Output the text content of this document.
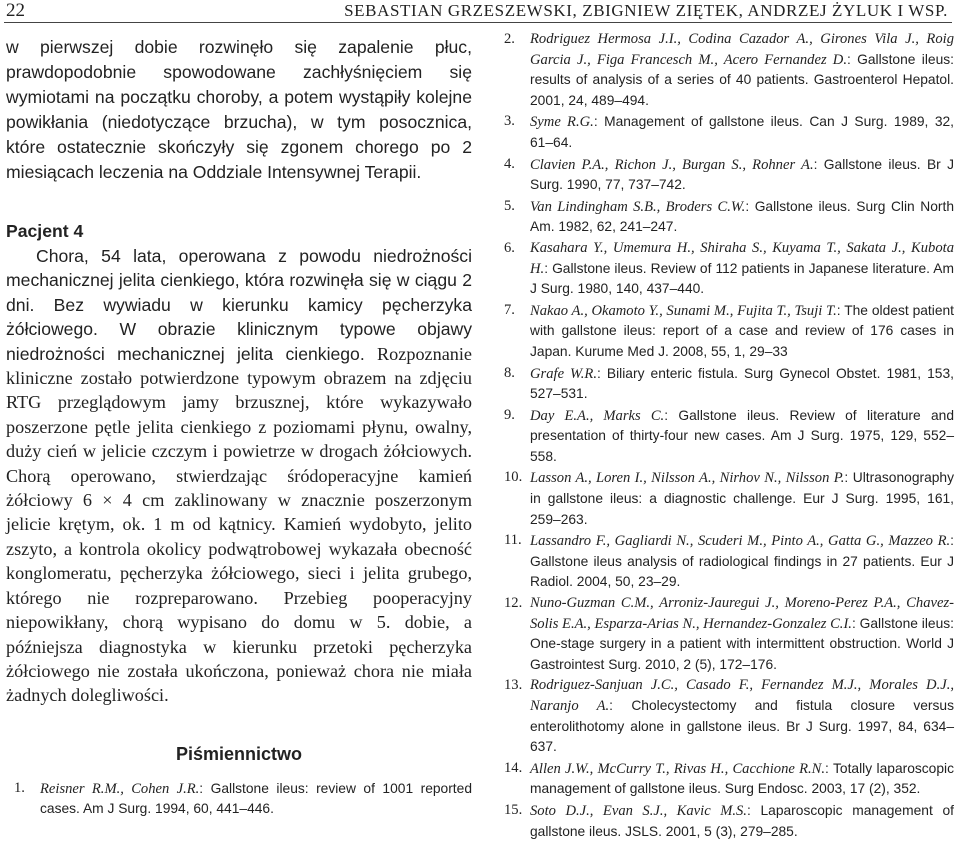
22	SEBASTIAN GRZESZEWSKI, ZBIGNIEW ZIĘTEK, ANDRZEJ ŻYLUK I WSP.

w pierwszej dobie rozwinęło się zapalenie płuc, prawdopodobnie spowodowane zachłyśnięciem się wymiotami na początku choroby, a potem wystąpiły kolejne powikłania (niedotyczące brzucha), w tym posocznica, które ostatecznie skończyły się zgonem chorego po 2 miesiącach leczenia na Oddziale Intensywnej Terapii.

Pacjent 4

Chora, 54 lata, operowana z powodu niedrożności mechanicznej jelita cienkiego, która rozwinęła się w ciągu 2 dni. Bez wywiadu w kierunku kamicy pęcherzyka żółciowego. W obrazie klinicznym typowe objawy niedrożności mechanicznej jelita cienkiego. Rozpoznanie kliniczne zostało potwierdzone typowym obrazem na zdjęciu RTG przeglądowym jamy brzusznej, które wykazywało poszerzone pętle jelita cienkiego z poziomami płynu, owalny, duży cień w jelicie czczym i powietrze w drogach żółciowych. Chorą operowano, stwierdzając śródoperacyjne kamień żółciowy 6 × 4 cm zaklinowany w znacznie poszerzonym jelicie krętym, ok. 1 m od kątnicy. Kamień wydobyto, jelito zszyto, a kontrola okolicy podwątrobowej wykazała obecność konglomeratu, pęcherzyka żółciowego, sieci i jelita grubego, którego nie rozpreparowano. Przebieg pooperacyjny niepowikłany, chorą wypisano do domu w 5. dobie, a późniejsza diagnostyka w kierunku przetoki pęcherzyka żółciowego nie została ukończona, ponieważ chora nie miała żadnych dolegliwości.

Piśmiennictwo

1. Reisner R.M., Cohen J.R.: Gallstone ileus: review of 1001 reported cases. Am J Surg. 1994, 60, 441–446.

2. Rodriguez Hermosa J.I., Codina Cazador A., Girones Vila J., Roig Garcia J., Figa Francesch M., Acero Fernandez D.: Gallstone ileus: results of analysis of a series of 40 patients. Gastroenterol Hepatol. 2001, 24, 489–494.

3. Syme R.G.: Management of gallstone ileus. Can J Surg. 1989, 32, 61–64.

4. Clavien P.A., Richon J., Burgan S., Rohner A.: Gallstone ileus. Br J Surg. 1990, 77, 737–742.

5. Van Lindingham S.B., Broders C.W.: Gallstone ileus. Surg Clin North Am. 1982, 62, 241–247.

6. Kasahara Y., Umemura H., Shiraha S., Kuyama T., Sakata J., Kubota H.: Gallstone ileus. Review of 112 patients in Japanese literature. Am J Surg. 1980, 140, 437–440.

7. Nakao A., Okamoto Y., Sunami M., Fujita T., Tsuji T.: The oldest patient with gallstone ileus: report of a case and review of 176 cases in Japan. Kurume Med J. 2008, 55, 1, 29–33

8. Grafe W.R.: Biliary enteric fistula. Surg Gynecol Obstet. 1981, 153, 527–531.

9. Day E.A., Marks C.: Gallstone ileus. Review of literature and presentation of thirty-four new cases. Am J Surg. 1975, 129, 552–558.

10. Lasson A., Loren I., Nilsson A., Nirhov N., Nilsson P.: Ultrasonography in gallstone ileus: a diagnostic challenge. Eur J Surg. 1995, 161, 259–263.

11. Lassandro F., Gagliardi N., Scuderi M., Pinto A., Gatta G., Mazzeo R.: Gallstone ileus analysis of radiological findings in 27 patients. Eur J Radiol. 2004, 50, 23–29.

12. Nuno-Guzman C.M., Arroniz-Jauregui J., Moreno-Perez P.A., Chavez-Solis E.A., Esparza-Arias N., Hernandez-Gonzalez C.I.: Gallstone ileus: One-stage surgery in a patient with intermittent obstruction. World J Gastrointest Surg. 2010, 2 (5), 172–176.

13. Rodriguez-Sanjuan J.C., Casado F., Fernandez M.J., Morales D.J., Naranjo A.: Cholecystectomy and fistula closure versus enterolithotomy alone in gallstone ileus. Br J Surg. 1997, 84, 634–637.

14. Allen J.W., McCurry T., Rivas H., Cacchione R.N.: Totally laparoscopic management of gallstone ileus. Surg Endosc. 2003, 17 (2), 352.

15. Soto D.J., Evan S.J., Kavic M.S.: Laparoscopic management of gallstone ileus. JSLS. 2001, 5 (3), 279–285.
